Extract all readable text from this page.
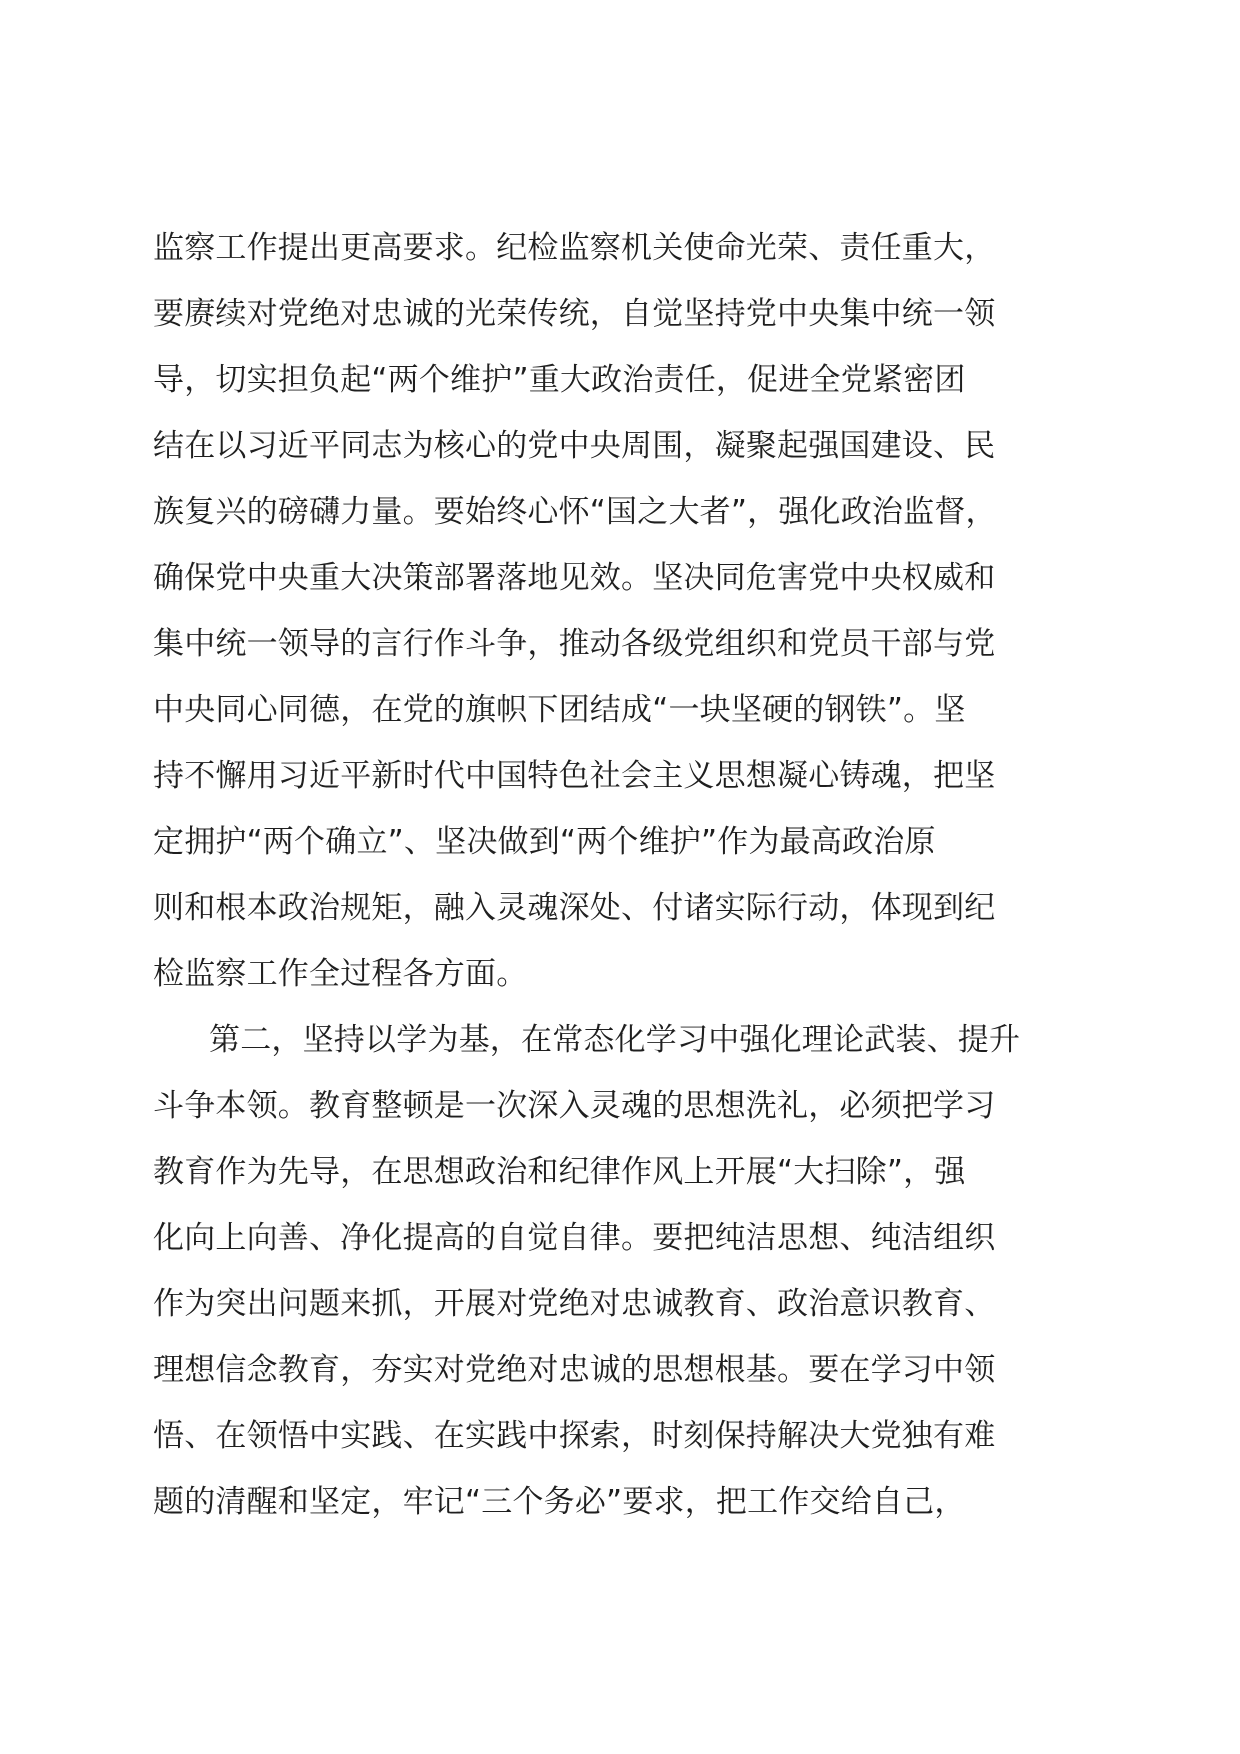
监察工作提出更高要求。纪检监察机关使命光荣、责任重大，
要赓续对党绝对忠诚的光荣传统，自觉坚持党中央集中统一领
导，切实担负起“两个维护”重大政治责任，促进全党紧密团
结在以习近平同志为核心的党中央周围，凝聚起强国建设、民
族复兴的磅礴力量。要始终心怀“国之大者”，强化政治监督，
确保党中央重大决策部署落地见效。坚决同危害党中央权威和
集中统一领导的言行作斗争，推动各级党组织和党员干部与党
中央同心同德，在党的旗帜下团结成“一块坚硬的钢铁”。坚
持不懈用习近平新时代中国特色社会主义思想凝心铸魂，把坚
定拥护“两个确立”、坚决做到“两个维护”作为最高政治原
则和根本政治规矩，融入灵魂深处、付诸实际行动，体现到纪
检监察工作全过程各方面。
第二，坚持以学为基，在常态化学习中强化理论武装、提升
斗争本领。教育整顿是一次深入灵魂的思想洗礼，必须把学习
教育作为先导，在思想政治和纪律作风上开展“大扫除”，强
化向上向善、净化提高的自觉自律。要把纯洁思想、纯洁组织
作为突出问题来抓，开展对党绝对忠诚教育、政治意识教育、
理想信念教育，夯实对党绝对忠诚的思想根基。要在学习中领
悟、在领悟中实践、在实践中探索，时刻保持解决大党独有难
题的清醒和坚定，牢记“三个务必”要求，把工作交给自己，
